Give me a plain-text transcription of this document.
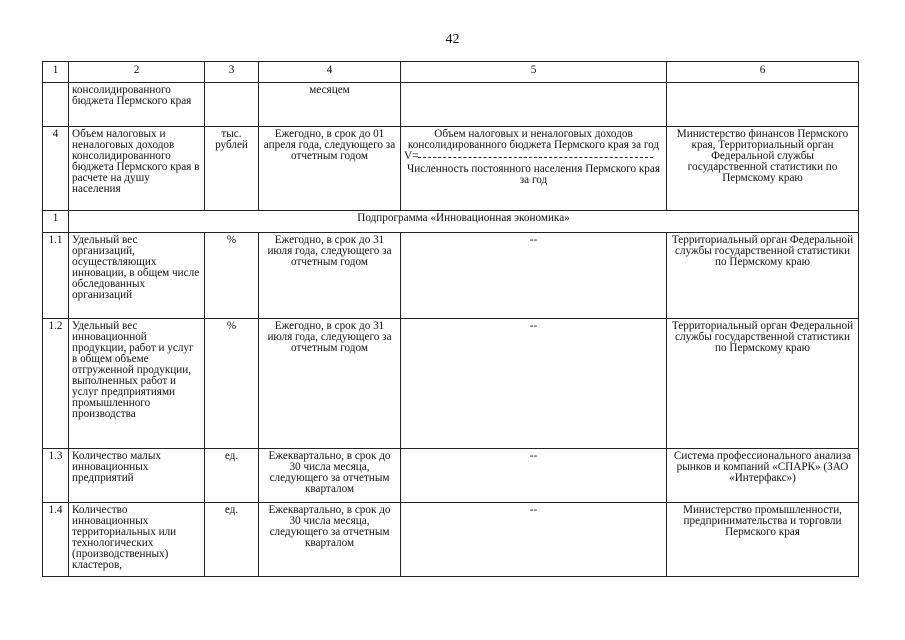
42
1	2	3	4	5	6
	консолидированного бюджета Пермского края		месяцем		
4	Объем налоговых и неналоговых доходов консолидированного бюджета Пермского края в расчете на душу населения	тыс. рублей	Ежегодно, в срок до 01 апреля года, следующего за отчетным годом	Объем налоговых и неналоговых доходов консолидированного бюджета Пермского края за год
V=
Численность постоянного населения Пермского края за год	Министерство финансов Пермского края, Территориальный орган Федеральной службы государственной статистики по Пермскому краю
1	Подпрограмма «Инновационная экономика»				
1.1	Удельный вес организаций, осуществляющих инновации, в общем числе обследованных организаций	%	Ежегодно, в срок до 31 июля года, следующего за отчетным годом	--	Территориальный орган Федеральной службы государственной статистики по Пермскому краю
1.2	Удельный вес инновационной продукции, работ и услуг в общем объеме отгруженной продукции, выполненных работ и услуг предприятиями промышленного производства	%	Ежегодно, в срок до 31 июля года, следующего за отчетным годом	--	Территориальный орган Федеральной службы государственной статистики по Пермскому краю
1.3	Количество малых инновационных предприятий	ед.	Ежеквартально, в срок до 30 числа месяца, следующего за отчетным кварталом	--	Система профессионального анализа рынков и компаний «СПАРК» (ЗАО «Интерфакс»)
1.4	Количество инновационных территориальных или технологических (производственных) кластеров,	ед.	Ежеквартально, в срок до 30 числа месяца, следующего за отчетным кварталом	--	Министерство промышленности, предпринимательства и торговли Пермского края
